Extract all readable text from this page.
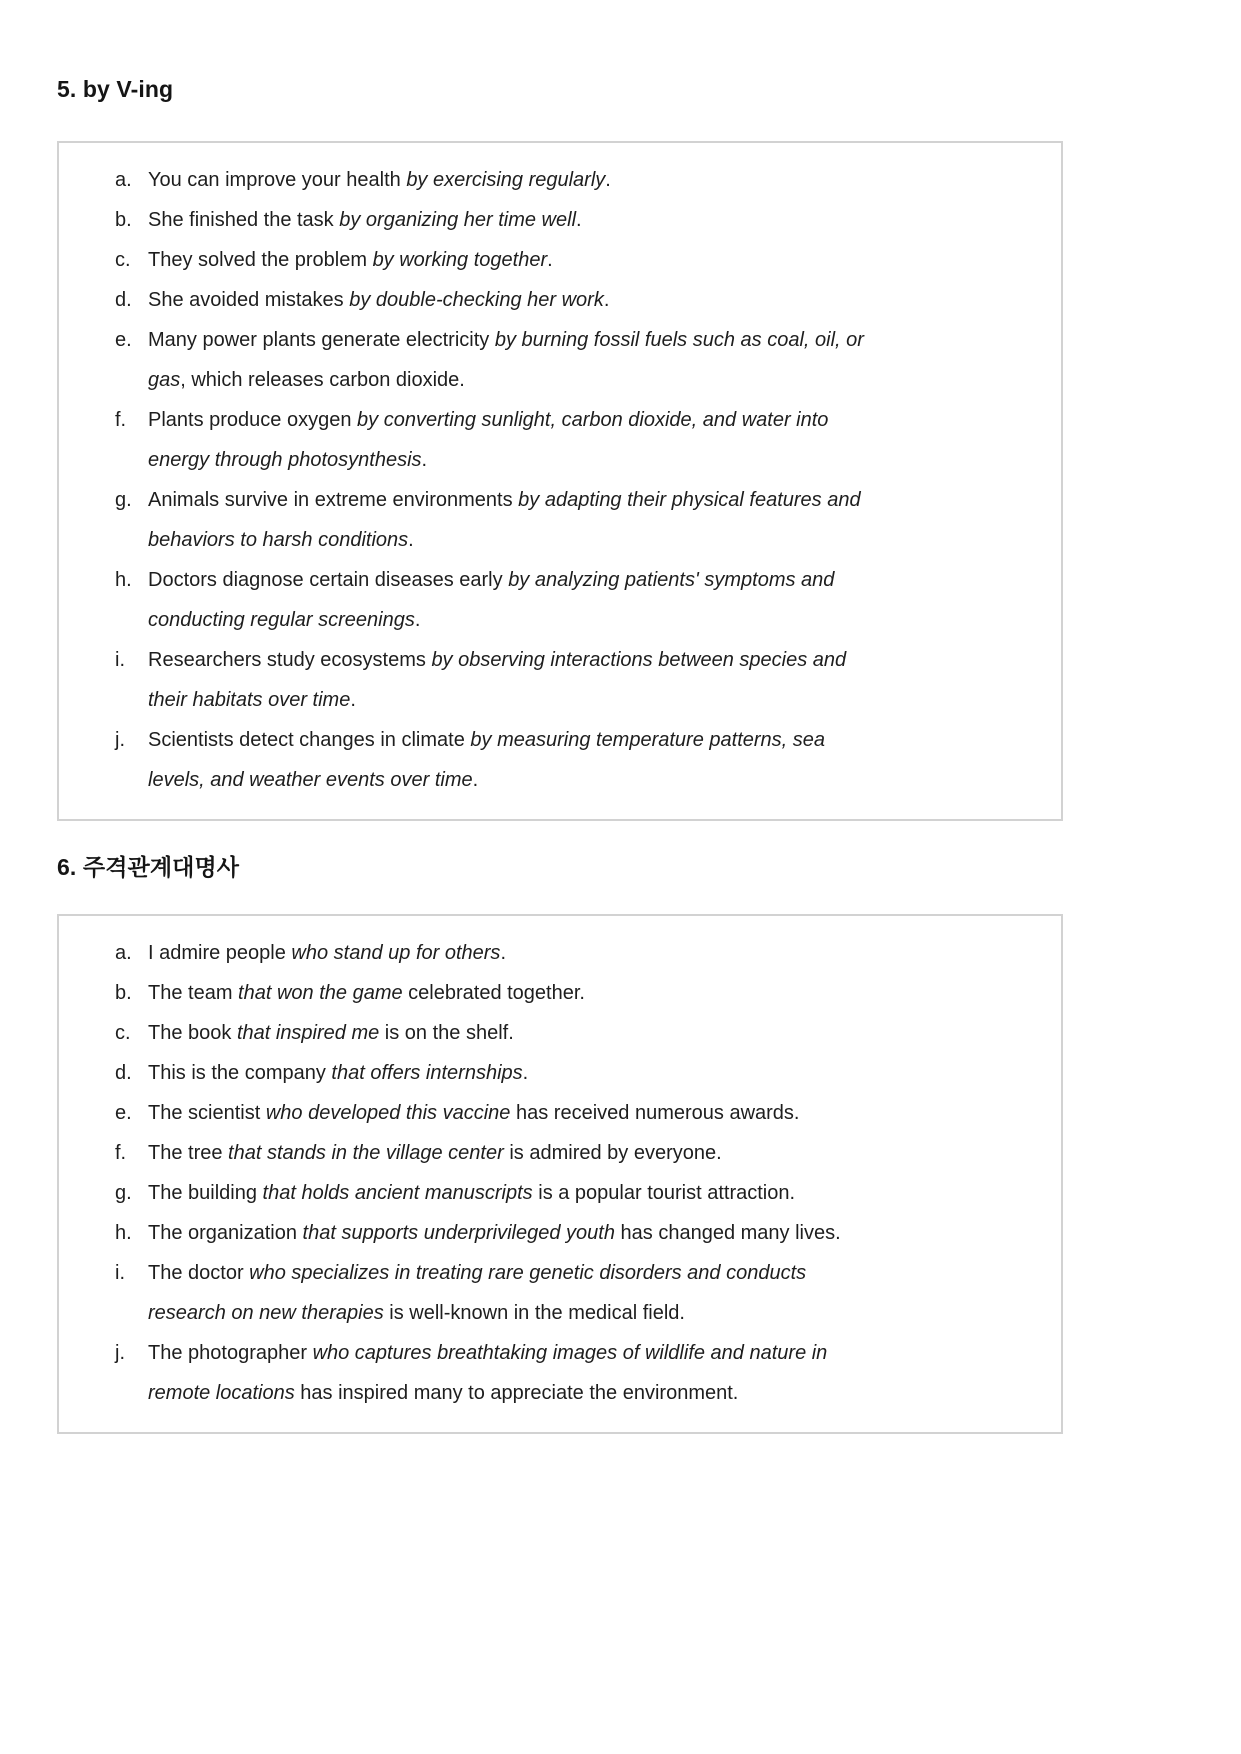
5. by V-ing
a. You can improve your health by exercising regularly.
b. She finished the task by organizing her time well.
c. They solved the problem by working together.
d. She avoided mistakes by double-checking her work.
e. Many power plants generate electricity by burning fossil fuels such as coal, oil, or
gas, which releases carbon dioxide.
f. Plants produce oxygen by converting sunlight, carbon dioxide, and water into
energy through photosynthesis.
g. Animals survive in extreme environments by adapting their physical features and
behaviors to harsh conditions.
h. Doctors diagnose certain diseases early by analyzing patients' symptoms and
conducting regular screenings.
i. Researchers study ecosystems by observing interactions between species and
their habitats over time.
j. Scientists detect changes in climate by measuring temperature patterns, sea
levels, and weather events over time.
6. 주격관계대명사
a. I admire people who stand up for others.
b. The team that won the game celebrated together.
c. The book that inspired me is on the shelf.
d. This is the company that offers internships.
e. The scientist who developed this vaccine has received numerous awards.
f. The tree that stands in the village center is admired by everyone.
g. The building that holds ancient manuscripts is a popular tourist attraction.
h. The organization that supports underprivileged youth has changed many lives.
i. The doctor who specializes in treating rare genetic disorders and conducts
research on new therapies is well-known in the medical field.
j. The photographer who captures breathtaking images of wildlife and nature in
remote locations has inspired many to appreciate the environment.
